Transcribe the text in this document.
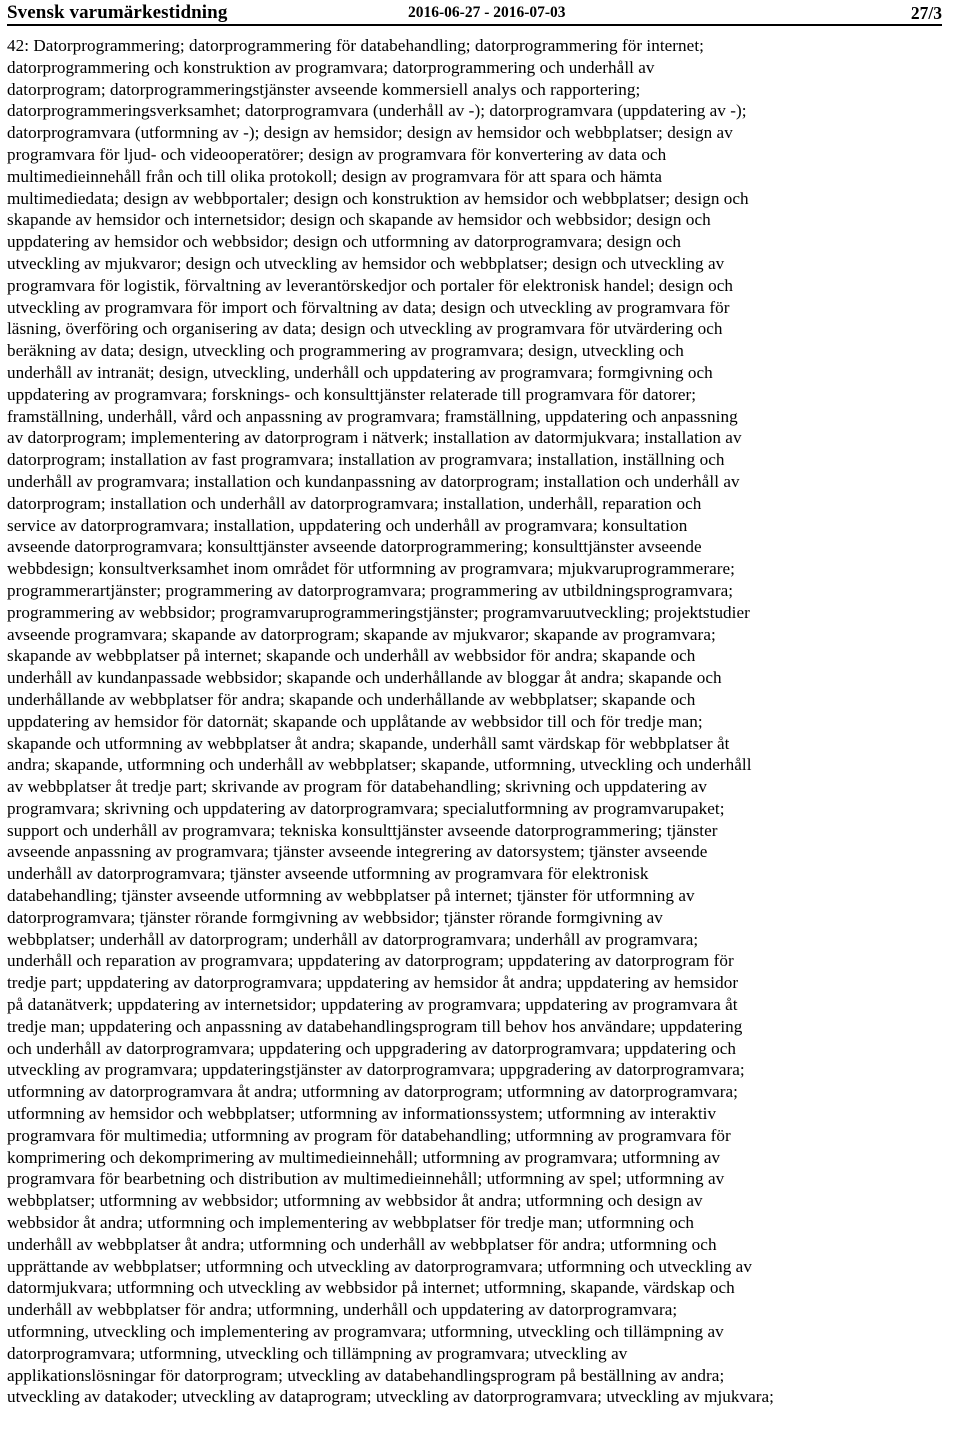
Svensk varumärkestidning	2016-06-27 - 2016-07-03	27/3
42: Datorprogrammering; datorprogrammering för databehandling; datorprogrammering för internet;
datorprogrammering och konstruktion av programvara; datorprogrammering och underhåll av
datorprogram; datorprogrammeringstjänster avseende kommersiell analys och rapportering;
datorprogrammeringsverksamhet; datorprogramvara (underhåll av -); datorprogramvara (uppdatering av -);
datorprogramvara (utformning av -); design av hemsidor; design av hemsidor och webbplatser; design av
programvara för ljud- och videooperatörer; design av programvara för konvertering av data och
multimedieinnehåll från och till olika protokoll; design av programvara för att spara och hämta
multimediedata; design av webbportaler; design och konstruktion av hemsidor och webbplatser; design och
skapande av hemsidor och internetsidor; design och skapande av hemsidor och webbsidor; design och
uppdatering av hemsidor och webbsidor; design och utformning av datorprogramvara; design och
utveckling av mjukvaror; design och utveckling av hemsidor och webbplatser; design och utveckling av
programvara för logistik, förvaltning av leverantörskedjor och portaler för elektronisk handel; design och
utveckling av programvara för import och förvaltning av data; design och utveckling av programvara för
läsning, överföring och organisering av data; design och utveckling av programvara för utvärdering och
beräkning av data; design, utveckling och programmering av programvara; design, utveckling och
underhåll av intranät; design, utveckling, underhåll och uppdatering av programvara; formgivning och
uppdatering av programvara; forsknings- och konsulttjänster relaterade till programvara för datorer;
framställning, underhåll, vård och anpassning av programvara; framställning, uppdatering och anpassning
av datorprogram; implementering av datorprogram i nätverk; installation av datormjukvara; installation av
datorprogram; installation av fast programvara; installation av programvara; installation, inställning och
underhåll av programvara; installation och kundanpassning av datorprogram; installation och underhåll av
datorprogram; installation och underhåll av datorprogramvara; installation, underhåll, reparation och
service av datorprogramvara; installation, uppdatering och underhåll av programvara; konsultation
avseende datorprogramvara; konsulttjänster avseende datorprogrammering; konsulttjänster avseende
webbdesign; konsultverksamhet inom området för utformning av programvara; mjukvaruprogrammerare;
programmerartjänster; programmering av datorprogramvara; programmering av utbildningsprogramvara;
programmering av webbsidor; programvaruprogrammeringstjänster; programvaruutveckling; projektstudier
avseende programvara; skapande av datorprogram; skapande av mjukvaror; skapande av programvara;
skapande av webbplatser på internet; skapande och underhåll av webbsidor för andra; skapande och
underhåll av kundanpassade webbsidor; skapande och underhållande av bloggar åt andra; skapande och
underhållande av webbplatser för andra; skapande och underhållande av webbplatser; skapande och
uppdatering av hemsidor för datornät; skapande och upplåtande av webbsidor till och för tredje man;
skapande och utformning av webbplatser åt andra; skapande, underhåll samt värdskap för webbplatser åt
andra; skapande, utformning och underhåll av webbplatser; skapande, utformning, utveckling och underhåll
av webbplatser åt tredje part; skrivande av program för databehandling; skrivning och uppdatering av
programvara; skrivning och uppdatering av datorprogramvara; specialutformning av programvarupaket;
support och underhåll av programvara; tekniska konsulttjänster avseende datorprogrammering; tjänster
avseende anpassning av programvara; tjänster avseende integrering av datorsystem; tjänster avseende
underhåll av datorprogramvara; tjänster avseende utformning av programvara för elektronisk
databehandling; tjänster avseende utformning av webbplatser på internet; tjänster för utformning av
datorprogramvara; tjänster rörande formgivning av webbsidor; tjänster rörande formgivning av
webbplatser; underhåll av datorprogram; underhåll av datorprogramvara; underhåll av programvara;
underhåll och reparation av programvara; uppdatering av datorprogram; uppdatering av datorprogram för
tredje part; uppdatering av datorprogramvara; uppdatering av hemsidor åt andra; uppdatering av hemsidor
på datanätverk; uppdatering av internetsidor; uppdatering av programvara; uppdatering av programvara åt
tredje man; uppdatering och anpassning av databehandlingsprogram till behov hos användare; uppdatering
och underhåll av datorprogramvara; uppdatering och uppgradering av datorprogramvara; uppdatering och
utveckling av programvara; uppdateringstjänster av datorprogramvara; uppgradering av datorprogramvara;
utformning av datorprogramvara åt andra; utformning av datorprogram; utformning av datorprogramvara;
utformning av hemsidor och webbplatser; utformning av informationssystem; utformning av interaktiv
programvara för multimedia; utformning av program för databehandling; utformning av programvara för
komprimering och dekomprimering av multimedieinnehåll; utformning av programvara; utformning av
programvara för bearbetning och distribution av multimedieinnehåll; utformning av spel; utformning av
webbplatser; utformning av webbsidor; utformning av webbsidor åt andra; utformning och design av
webbsidor åt andra; utformning och implementering av webbplatser för tredje man; utformning och
underhåll av webbplatser åt andra; utformning och underhåll av webbplatser för andra; utformning och
upprättande av webbplatser; utformning och utveckling av datorprogramvara; utformning och utveckling av
datormjukvara; utformning och utveckling av webbsidor på internet; utformning, skapande, värdskap och
underhåll av webbplatser för andra; utformning, underhåll och uppdatering av datorprogramvara;
utformning, utveckling och implementering av programvara; utformning, utveckling och tillämpning av
datorprogramvara; utformning, utveckling och tillämpning av programvara; utveckling av
applikationslösningar för datorprogram; utveckling av databehandlingsprogram på beställning av andra;
utveckling av datakoder; utveckling av dataprogram; utveckling av datorprogramvara; utveckling av mjukvara;
